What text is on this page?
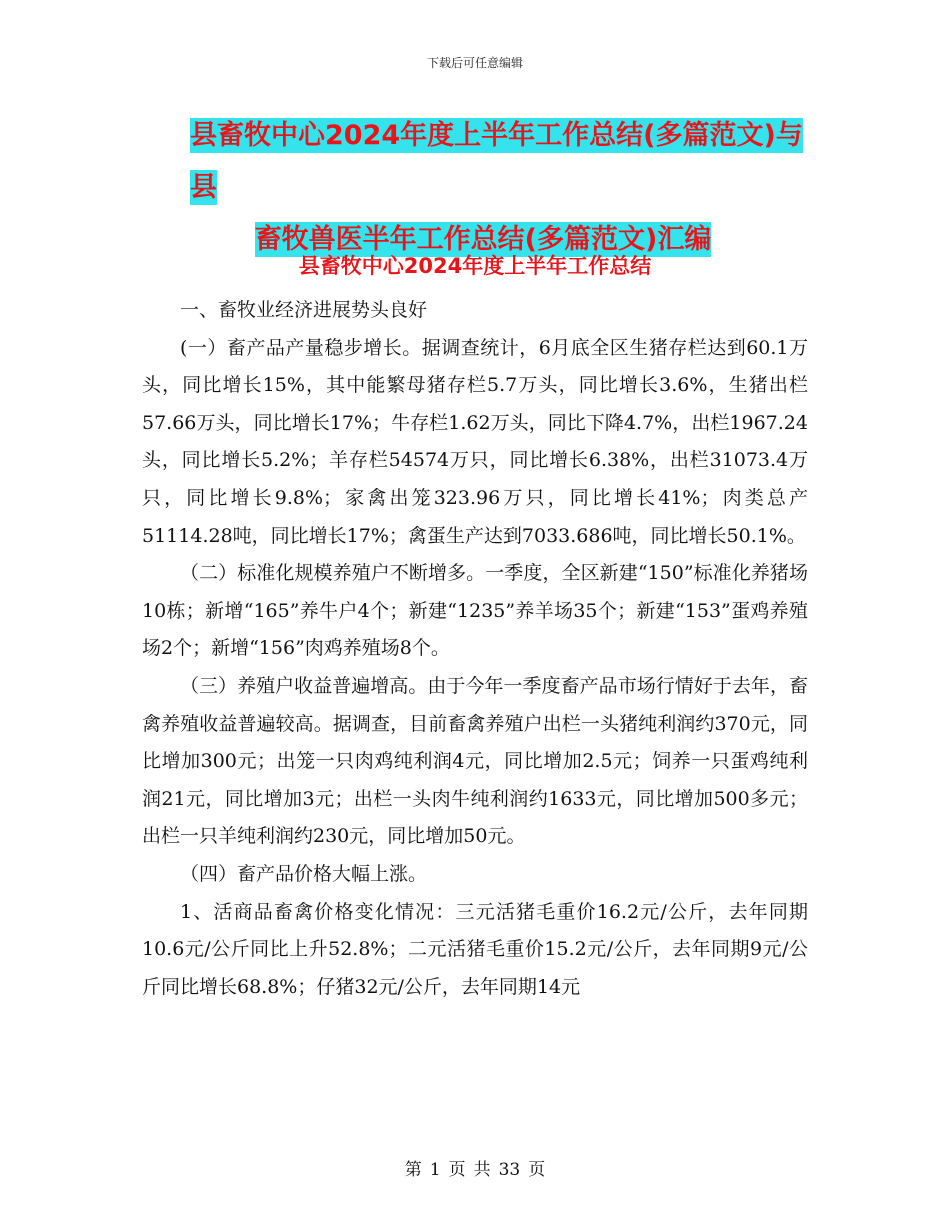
下载后可任意编辑
县畜牧中心2024年度上半年工作总结(多篇范文)与县
畜牧兽医半年工作总结(多篇范文)汇编
县畜牧中心2024年度上半年工作总结

一、畜牧业经济进展势头良好

(一）畜产品产量稳步增长。据调查统计，6月底全区生猪存栏达到60.1万头，同比增长15%，其中能繁母猪存栏5.7万头，同比增长3.6%，生猪出栏57.66万头，同比增长17%；牛存栏1.62万头，同比下降4.7%，出栏1967.24头，同比增长5.2%；羊存栏54574万只，同比增长6.38%，出栏31073.4万只，同比增长9.8%；家禽出笼323.96万只，同比增长41%；肉类总产51114.28吨，同比增长17%；禽蛋生产达到7033.686吨，同比增长50.1%。

（二）标准化规模养殖户不断增多。一季度，全区新建“150”标准化养猪场10栋；新增“165”养牛户4个；新建“1235”养羊场35个；新建“153”蛋鸡养殖场2个；新增“156”肉鸡养殖场8个。

（三）养殖户收益普遍增高。由于今年一季度畜产品市场行情好于去年，畜禽养殖收益普遍较高。据调查，目前畜禽养殖户出栏一头猪纯利润约370元，同比增加300元；出笼一只肉鸡纯利润4元，同比增加2.5元；饲养一只蛋鸡纯利润21元，同比增加3元；出栏一头肉牛纯利润约1633元，同比增加500多元；出栏一只羊纯利润约230元，同比增加50元。

（四）畜产品价格大幅上涨。

1、活商品畜禽价格变化情况：三元活猪毛重价16.2元/公斤，去年同期10.6元/公斤同比上升52.8%；二元活猪毛重价15.2元/公斤，去年同期9元/公斤同比增长68.8%；仔猪32元/公斤，去年同期14元

第 1 页 共 33 页
